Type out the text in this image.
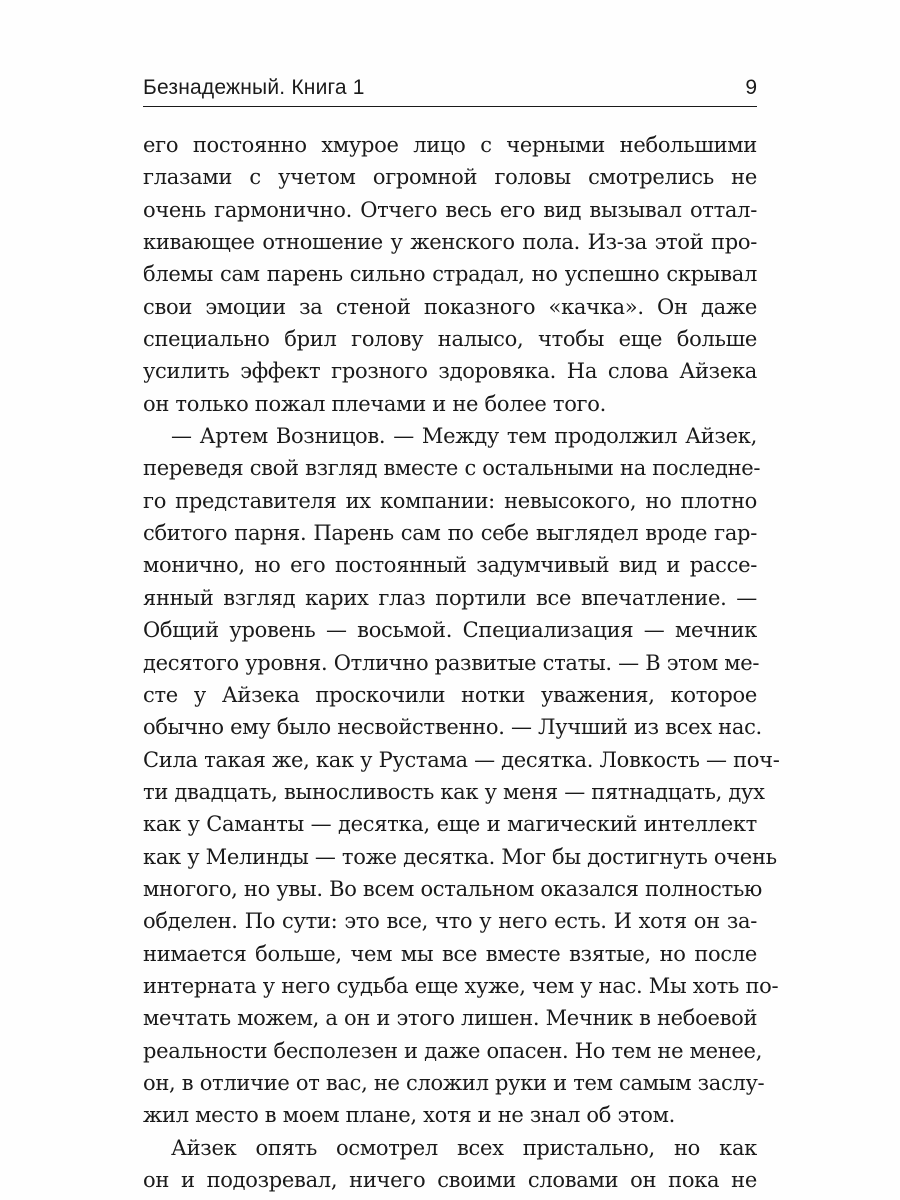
Безнадежный. Книга 1	9
его постоянно хмурое лицо с черными небольшими
глазами с учетом огромной головы смотрелись не
очень гармонично. Отчего весь его вид вызывал оттал-
кивающее отношение у женского пола. Из-за этой про-
блемы сам парень сильно страдал, но успешно скрывал
свои эмоции за стеной показного «качка». Он даже
специально брил голову налысо, чтобы еще больше
усилить эффект грозного здоровяка. На слова Айзека
он только пожал плечами и не более того.
— Артем Возницов. — Между тем продолжил Айзек,
переведя свой взгляд вместе с остальными на последне-
го представителя их компании: невысокого, но плотно
сбитого парня. Парень сам по себе выглядел вроде гар-
монично, но его постоянный задумчивый вид и рассе-
янный взгляд карих глаз портили все впечатление. —
Общий уровень — восьмой. Специализация — мечник
десятого уровня. Отлично развитые статы. — В этом ме-
сте у Айзека проскочили нотки уважения, которое
обычно ему было несвойственно. — Лучший из всех нас.
Сила такая же, как у Рустама — десятка. Ловкость — поч-
ти двадцать, выносливость как у меня — пятнадцать, дух
как у Саманты — десятка, еще и магический интеллект
как у Мелинды — тоже десятка. Мог бы достигнуть очень
многого, но увы. Во всем остальном оказался полностью
обделен. По сути: это все, что у него есть. И хотя он за-
нимается больше, чем мы все вместе взятые, но после
интерната у него судьба еще хуже, чем у нас. Мы хоть по-
мечтать можем, а он и этого лишен. Мечник в небоевой
реальности бесполезен и даже опасен. Но тем не менее,
он, в отличие от вас, не сложил руки и тем самым заслу-
жил место в моем плане, хотя и не знал об этом.
Айзек опять осмотрел всех пристально, но как
он и подозревал, ничего своими словами он пока не
